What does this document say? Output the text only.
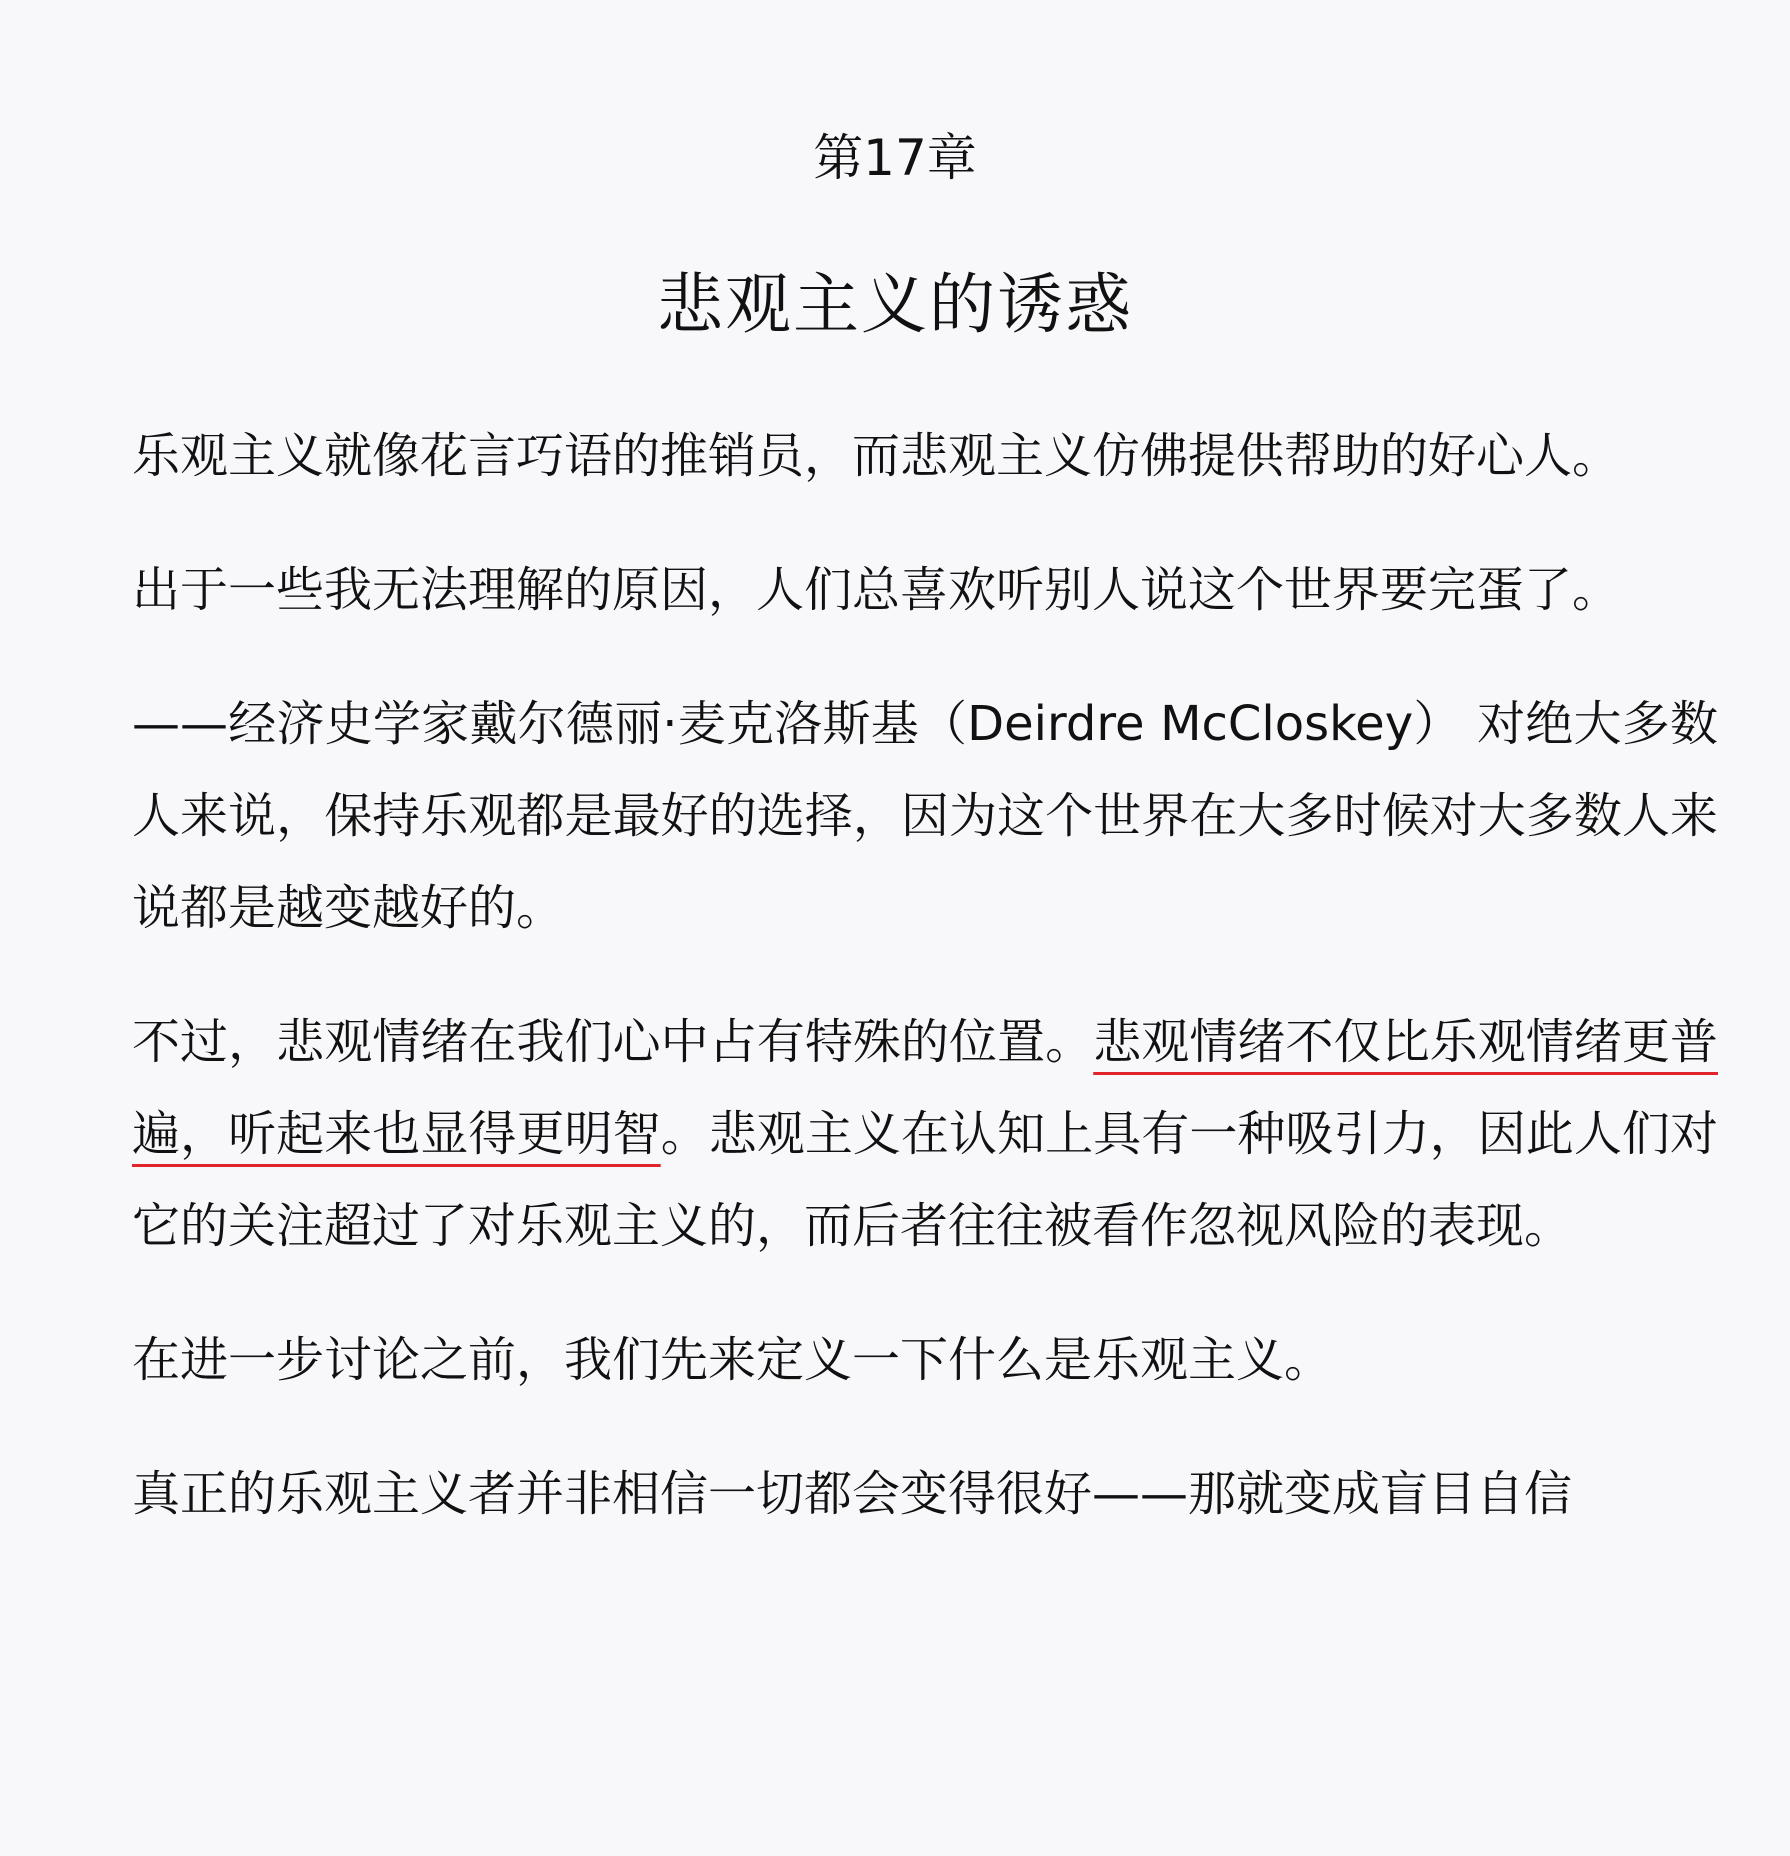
第17章
悲观主义的诱惑

乐观主义就像花言巧语的推销员，而悲观主义仿佛提供帮助的好心人。

出于一些我无法理解的原因，人们总喜欢听别人说这个世界要完蛋了。

——经济史学家戴尔德丽·麦克洛斯基（Deirdre McCloskey） 对绝大多数人来说，保持乐观都是最好的选择，因为这个世界在大多时候对大多数人来说都是越变越好的。

不过，悲观情绪在我们心中占有特殊的位置。悲观情绪不仅比乐观情绪更普遍，听起来也显得更明智。悲观主义在认知上具有一种吸引力，因此人们对它的关注超过了对乐观主义的，而后者往往被看作忽视风险的表现。

在进一步讨论之前，我们先来定义一下什么是乐观主义。

真正的乐观主义者并非相信一切都会变得很好——那就变成盲目自信
